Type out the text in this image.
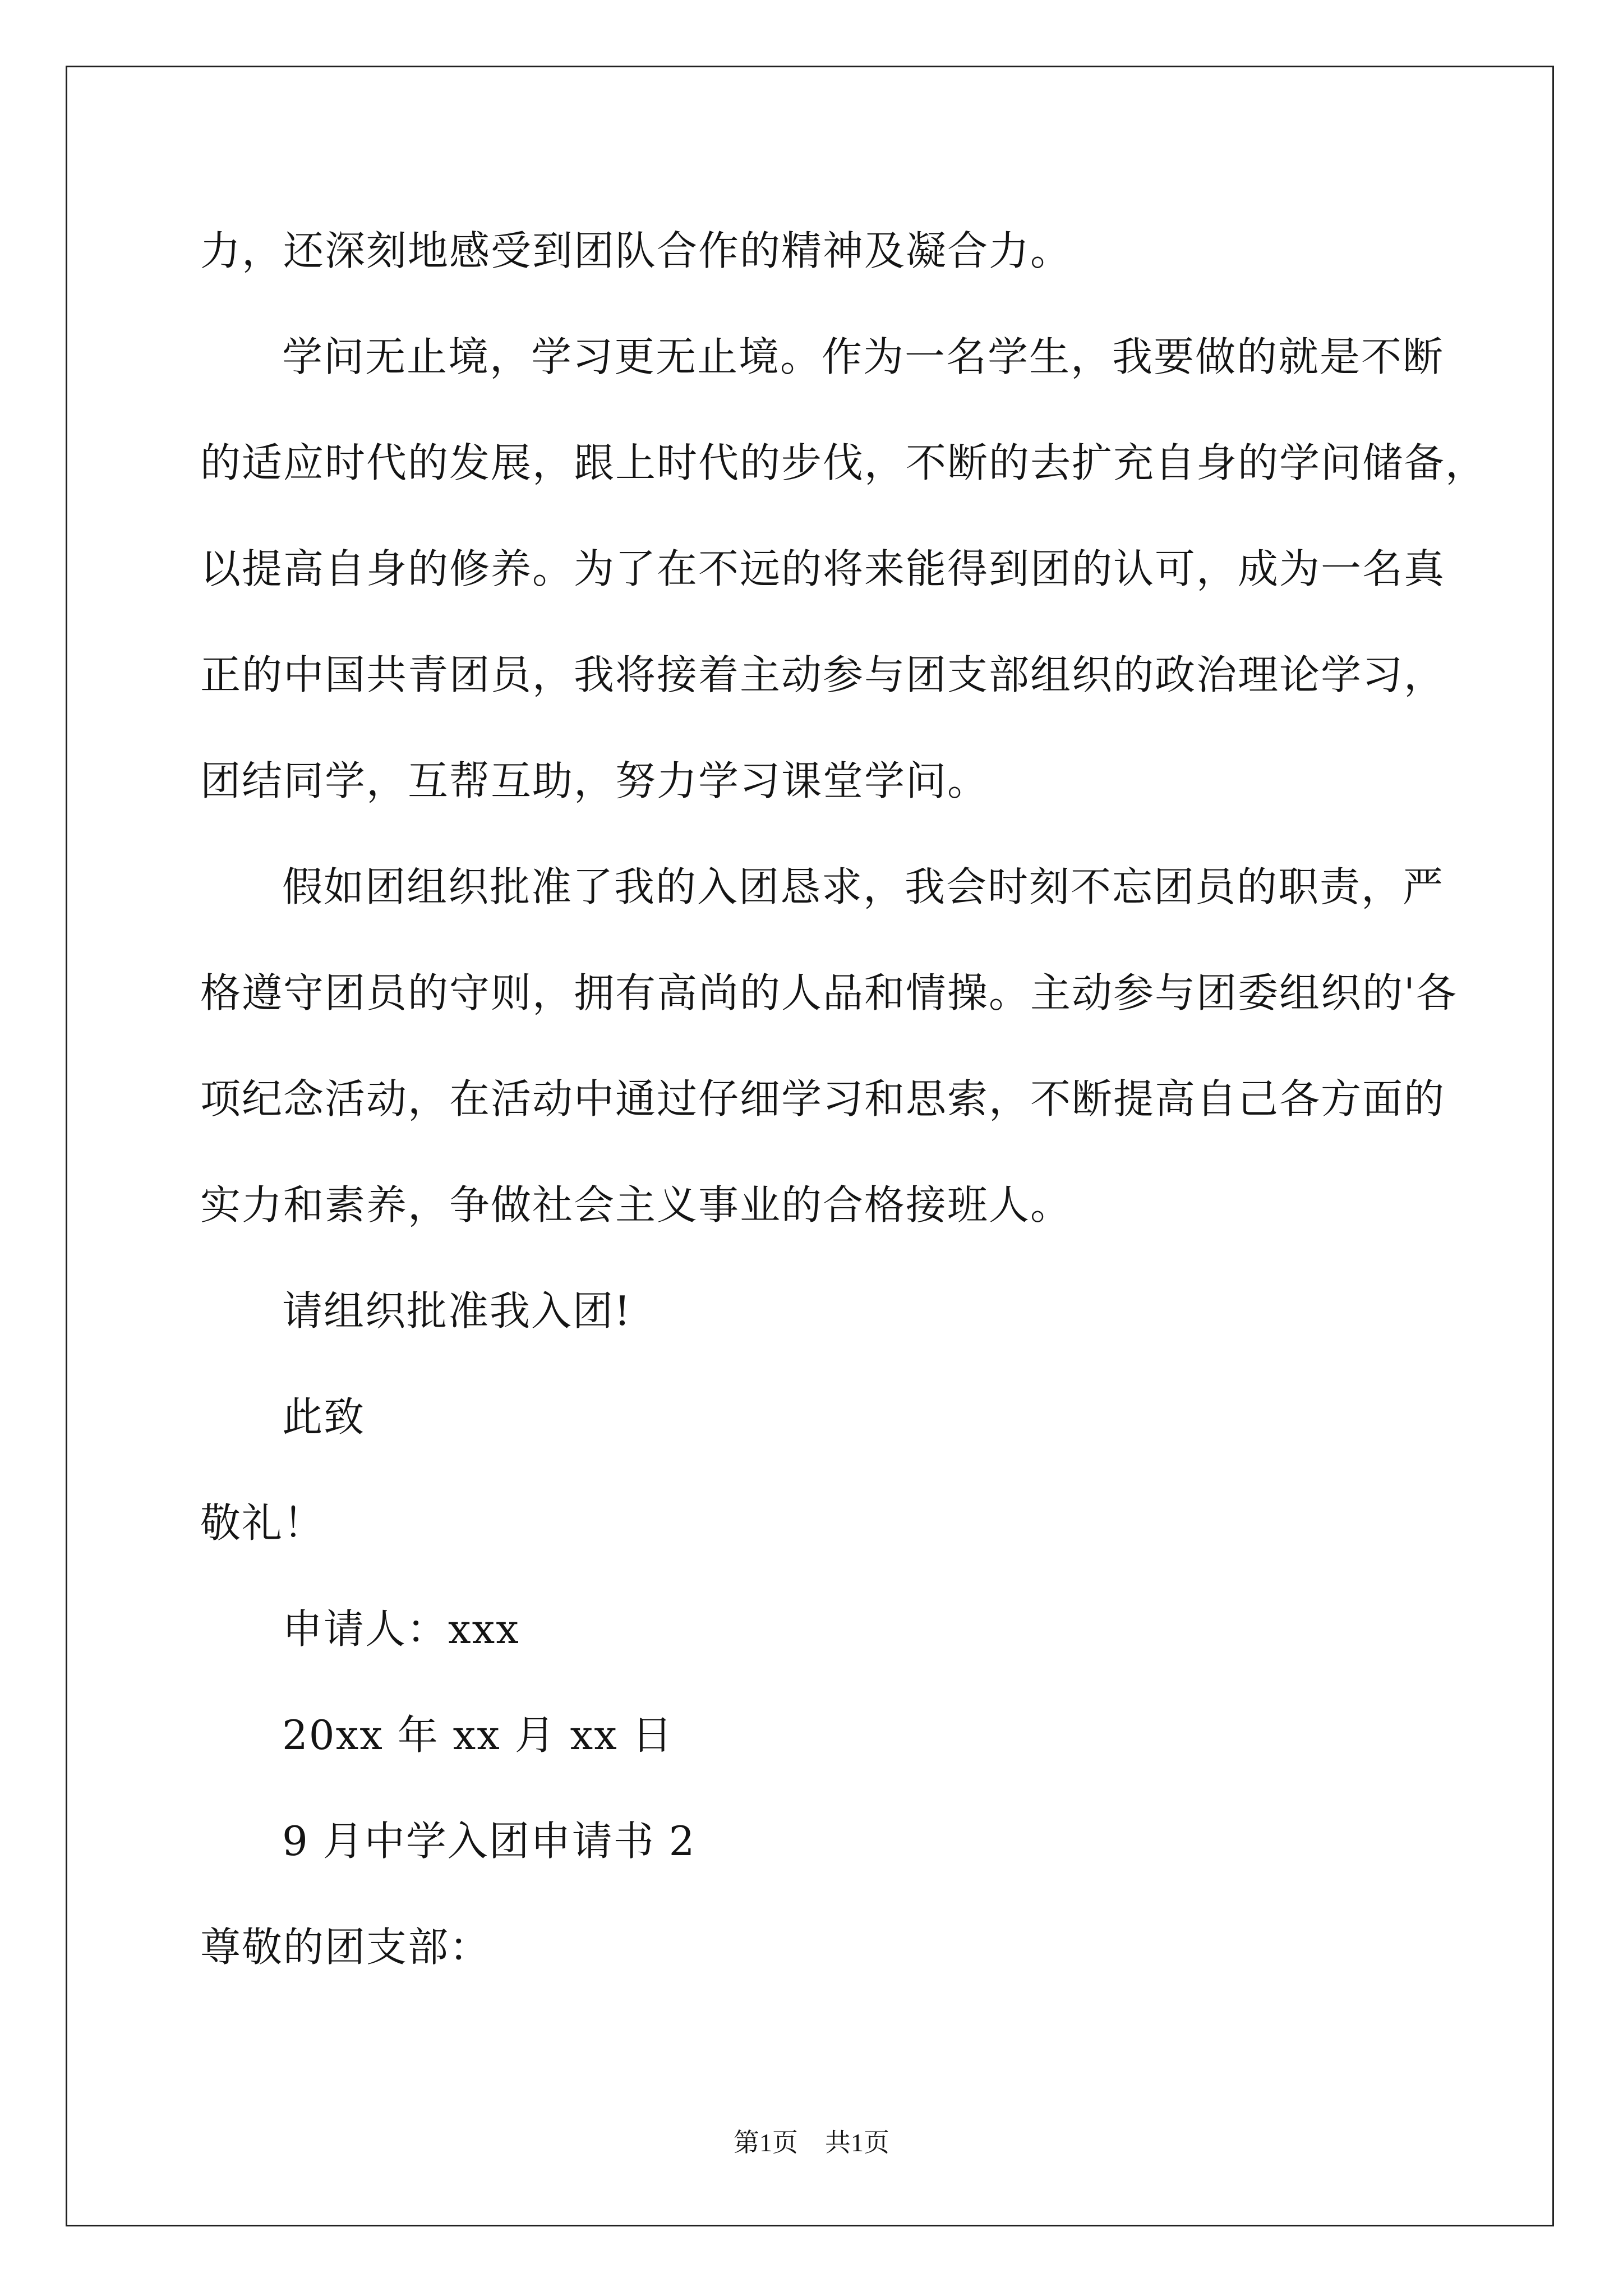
力，还深刻地感受到团队合作的精神及凝合力。
学问无止境，学习更无止境。作为一名学生，我要做的就是不断
的适应时代的发展，跟上时代的步伐，不断的去扩充自身的学问储备，
以提高自身的修养。为了在不远的将来能得到团的认可，成为一名真
正的中国共青团员，我将接着主动参与团支部组织的政治理论学习，
团结同学，互帮互助，努力学习课堂学问。
假如团组织批准了我的入团恳求，我会时刻不忘团员的职责，严
格遵守团员的守则，拥有高尚的人品和情操。主动参与团委组织的'各
项纪念活动，在活动中通过仔细学习和思索，不断提高自己各方面的
实力和素养，争做社会主义事业的合格接班人。
请组织批准我入团!
此致
敬礼！
申请人：xxx
20xx 年 xx 月 xx 日
9 月中学入团申请书 2
尊敬的团支部：
第1页 共1页
